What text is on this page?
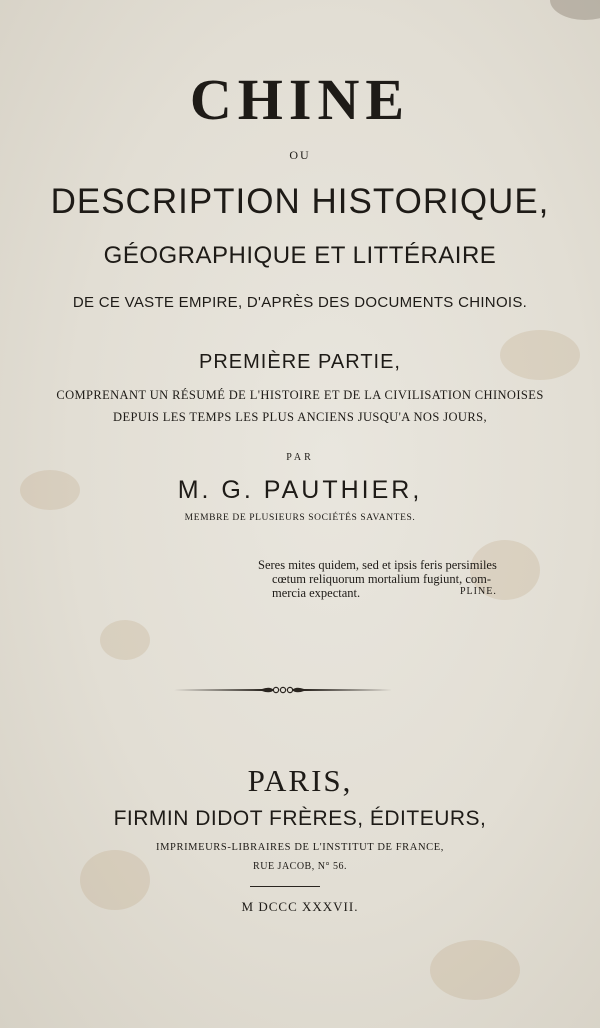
CHINE
OU
DESCRIPTION HISTORIQUE,
GÉOGRAPHIQUE ET LITTÉRAIRE
DE CE VASTE EMPIRE, D'APRÈS DES DOCUMENTS CHINOIS.
PREMIÈRE PARTIE,
COMPRENANT UN RÉSUMÉ DE L'HISTOIRE ET DE LA CIVILISATION CHINOISES
DEPUIS LES TEMPS LES PLUS ANCIENS JUSQU'A NOS JOURS,
PAR
M. G. PAUTHIER,
MEMBRE DE PLUSIEURS SOCIÉTÉS SAVANTES.
Seres mites quidem, sed et ipsis feris persimiles
cœtum reliquorum mortalium fugiunt, com-
mercia expectant.	PLINE.
PARIS,
FIRMIN DIDOT FRÈRES, ÉDITEURS,
IMPRIMEURS-LIBRAIRES DE L'INSTITUT DE FRANCE,
RUE JACOB, N° 56.
M DCCC XXXVII.
